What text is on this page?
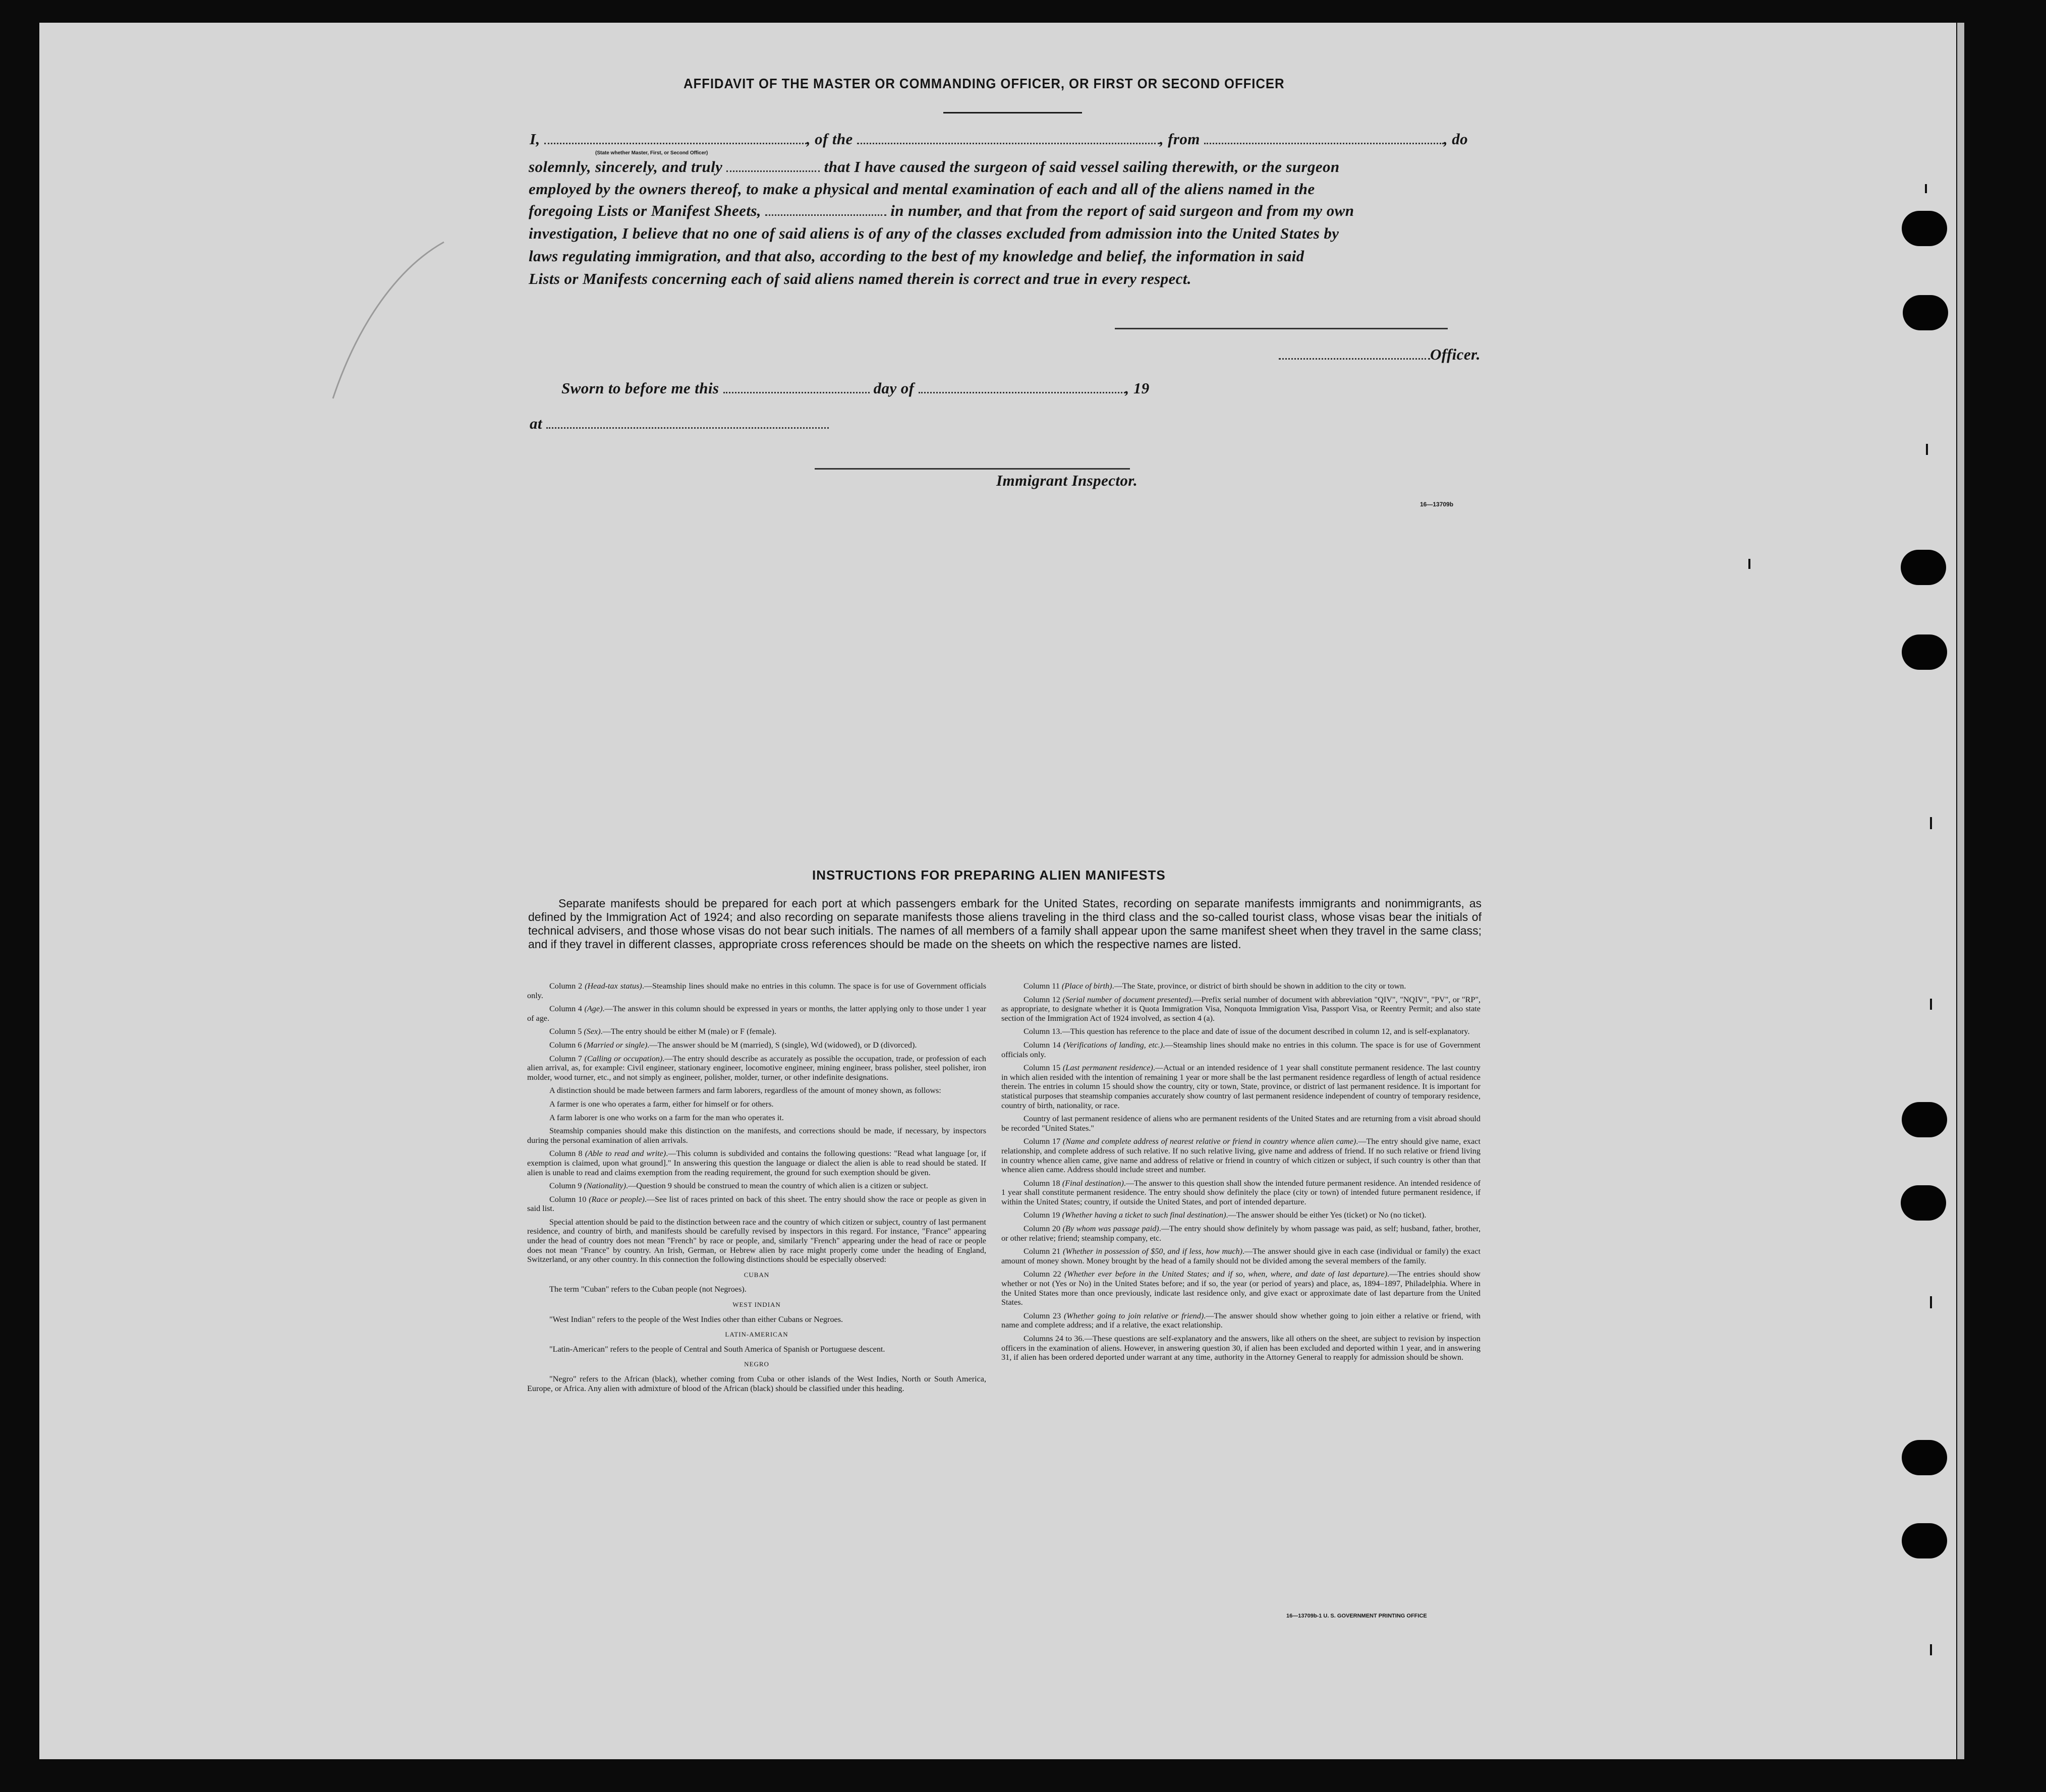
AFFIDAVIT OF THE MASTER OR COMMANDING OFFICER, OR FIRST OR SECOND OFFICER
I,	, of the	, from	, do
(State whether Master, First, or Second Officer)
solemnly, sincerely, and truly	that I have caused the surgeon of said vessel sailing therewith, or the surgeon
employed by the owners thereof, to make a physical and mental examination of each and all of the aliens named in the
foregoing Lists or Manifest Sheets,	in number, and that from the report of said surgeon and from my own
investigation, I believe that no one of said aliens is of any of the classes excluded from admission into the United States by
laws regulating immigration, and that also, according to the best of my knowledge and belief, the information in said
Lists or Manifests concerning each of said aliens named therein is correct and true in every respect.
Officer.
Sworn to before me this	day of	, 19
at
Immigrant Inspector.
16—13709b
INSTRUCTIONS FOR PREPARING ALIEN MANIFESTS
Separate manifests should be prepared for each port at which passengers embark for the United States, recording on separate manifests immigrants and nonimmigrants, as defined by the Immigration Act of 1924; and also recording on separate manifests those aliens traveling in the third class and the so-called tourist class, whose visas bear the initials of technical advisers, and those whose visas do not bear such initials. The names of all members of a family shall appear upon the same manifest sheet when they travel in the same class; and if they travel in different classes, appropriate cross references should be made on the sheets on which the respective names are listed.

Column 2 (Head-tax status).—Steamship lines should make no entries in this column. The space is for use of Government officials only.

Column 4 (Age).—The answer in this column should be expressed in years or months, the latter applying only to those under 1 year of age.

Column 5 (Sex).—The entry should be either M (male) or F (female).

Column 6 (Married or single).—The answer should be M (married), S (single), Wd (widowed), or D (divorced).

Column 7 (Calling or occupation).—The entry should describe as accurately as possible the occupation, trade, or profession of each alien arrival, as, for example: Civil engineer, stationary engineer, locomotive engineer, mining engineer, brass polisher, steel polisher, iron molder, wood turner, etc., and not simply as engineer, polisher, molder, turner, or other indefinite designations.

A distinction should be made between farmers and farm laborers, regardless of the amount of money shown, as follows:

A farmer is one who operates a farm, either for himself or for others.

A farm laborer is one who works on a farm for the man who operates it.

Steamship companies should make this distinction on the manifests, and corrections should be made, if necessary, by inspectors during the personal examination of alien arrivals.

Column 8 (Able to read and write).—This column is subdivided and contains the following questions: "Read what language [or, if exemption is claimed, upon what ground]." In answering this question the language or dialect the alien is able to read should be stated. If alien is unable to read and claims exemption from the reading requirement, the ground for such exemption should be given.

Column 9 (Nationality).—Question 9 should be construed to mean the country of which alien is a citizen or subject.

Column 10 (Race or people).—See list of races printed on back of this sheet. The entry should show the race or people as given in said list.

Special attention should be paid to the distinction between race and the country of which citizen or subject, country of last permanent residence, and country of birth, and manifests should be carefully revised by inspectors in this regard. For instance, "France" appearing under the head of country does not mean "French" by race or people, and, similarly "French" appearing under the head of race or people does not mean "France" by country. An Irish, German, or Hebrew alien by race might properly come under the heading of England, Switzerland, or any other country. In this connection the following distinctions should be especially observed:

CUBAN

The term "Cuban" refers to the Cuban people (not Negroes).

WEST INDIAN

"West Indian" refers to the people of the West Indies other than either Cubans or Negroes.

LATIN-AMERICAN

"Latin-American" refers to the people of Central and South America of Spanish or Portuguese descent.

NEGRO

"Negro" refers to the African (black), whether coming from Cuba or other islands of the West Indies, North or South America, Europe, or Africa. Any alien with admixture of blood of the African (black) should be classified under this heading.

Column 11 (Place of birth).—The State, province, or district of birth should be shown in addition to the city or town.

Column 12 (Serial number of document presented).—Prefix serial number of document with abbreviation "QIV", "NQIV", "PV", or "RP", as appropriate, to designate whether it is Quota Immigration Visa, Nonquota Immigration Visa, Passport Visa, or Reentry Permit; and also state section of the Immigration Act of 1924 involved, as section 4 (a).

Column 13.—This question has reference to the place and date of issue of the document described in column 12, and is self-explanatory.

Column 14 (Verifications of landing, etc.).—Steamship lines should make no entries in this column. The space is for use of Government officials only.

Column 15 (Last permanent residence).—Actual or an intended residence of 1 year shall constitute permanent residence. The last country in which alien resided with the intention of remaining 1 year or more shall be the last permanent residence regardless of length of actual residence therein. The entries in column 15 should show the country, city or town, State, province, or district of last permanent residence. It is important for statistical purposes that steamship companies accurately show country of last permanent residence independent of country of temporary residence, country of birth, nationality, or race.

Country of last permanent residence of aliens who are permanent residents of the United States and are returning from a visit abroad should be recorded "United States."

Column 17 (Name and complete address of nearest relative or friend in country whence alien came).—The entry should give name, exact relationship, and complete address of such relative. If no such relative living, give name and address of friend. If no such relative or friend living in country whence alien came, give name and address of relative or friend in country of which citizen or subject, if such country is other than that whence alien came. Address should include street and number.

Column 18 (Final destination).—The answer to this question shall show the intended future permanent residence. An intended residence of 1 year shall constitute permanent residence. The entry should show definitely the place (city or town) of intended future permanent residence, if within the United States; country, if outside the United States, and port of intended departure.

Column 19 (Whether having a ticket to such final destination).—The answer should be either Yes (ticket) or No (no ticket).

Column 20 (By whom was passage paid).—The entry should show definitely by whom passage was paid, as self; husband, father, brother, or other relative; friend; steamship company, etc.

Column 21 (Whether in possession of $50, and if less, how much).—The answer should give in each case (individual or family) the exact amount of money shown. Money brought by the head of a family should not be divided among the several members of the family.

Column 22 (Whether ever before in the United States; and if so, when, where, and date of last departure).—The entries should show whether or not (Yes or No) in the United States before; and if so, the year (or period of years) and place, as, 1894–1897, Philadelphia. Where in the United States more than once previously, indicate last residence only, and give exact or approximate date of last departure from the United States.

Column 23 (Whether going to join relative or friend).—The answer should show whether going to join either a relative or friend, with name and complete address; and if a relative, the exact relationship.

Columns 24 to 36.—These questions are self-explanatory and the answers, like all others on the sheet, are subject to revision by inspection officers in the examination of aliens. However, in answering question 30, if alien has been excluded and deported within 1 year, and in answering 31, if alien has been ordered deported under warrant at any time, authority in the Attorney General to reapply for admission should be shown.

16—13709b-1 U. S. GOVERNMENT PRINTING OFFICE
